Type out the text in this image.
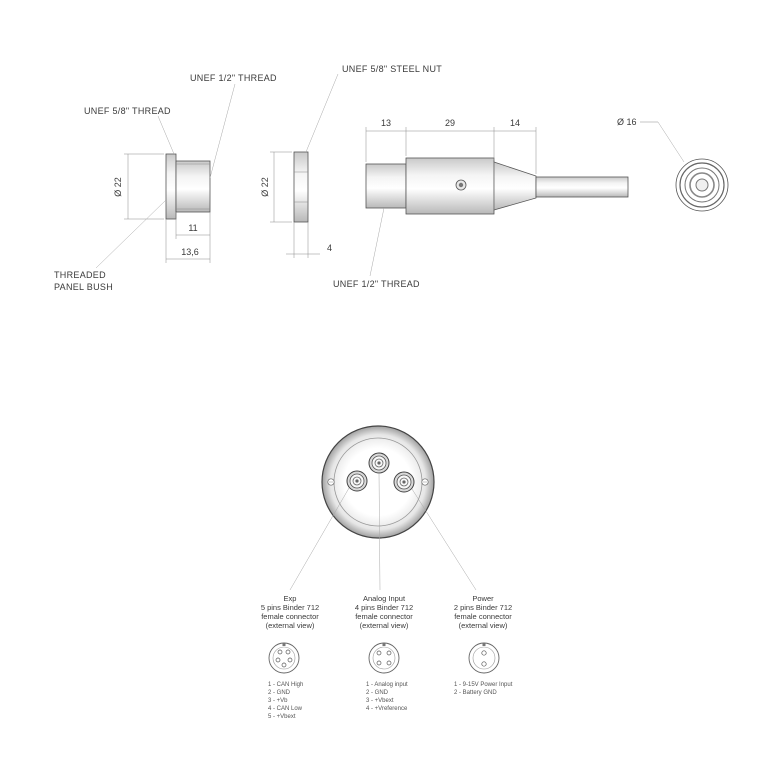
Ø 22
11
13,6
UNEF 5/8" THREAD
UNEF 1/2" THREAD
THREADED
PANEL BUSH
Ø 22
4
UNEF 5/8" STEEL NUT
13	29	14
UNEF 1/2" THREAD
Ø 16
Exp
5 pins Binder 712
female connector
(external view)
Analog Input
4 pins Binder 712
female connector
(external view)
Power
2 pins Binder 712
female connector
(external view)
1 - CAN High
2 - GND
3 - +Vb
4 - CAN Low
5 - +Vbext
1 - Analog input
2 - GND
3 - +Vbext
4 - +Vreference
1 - 9-15V Power Input
2 - Battery GND
